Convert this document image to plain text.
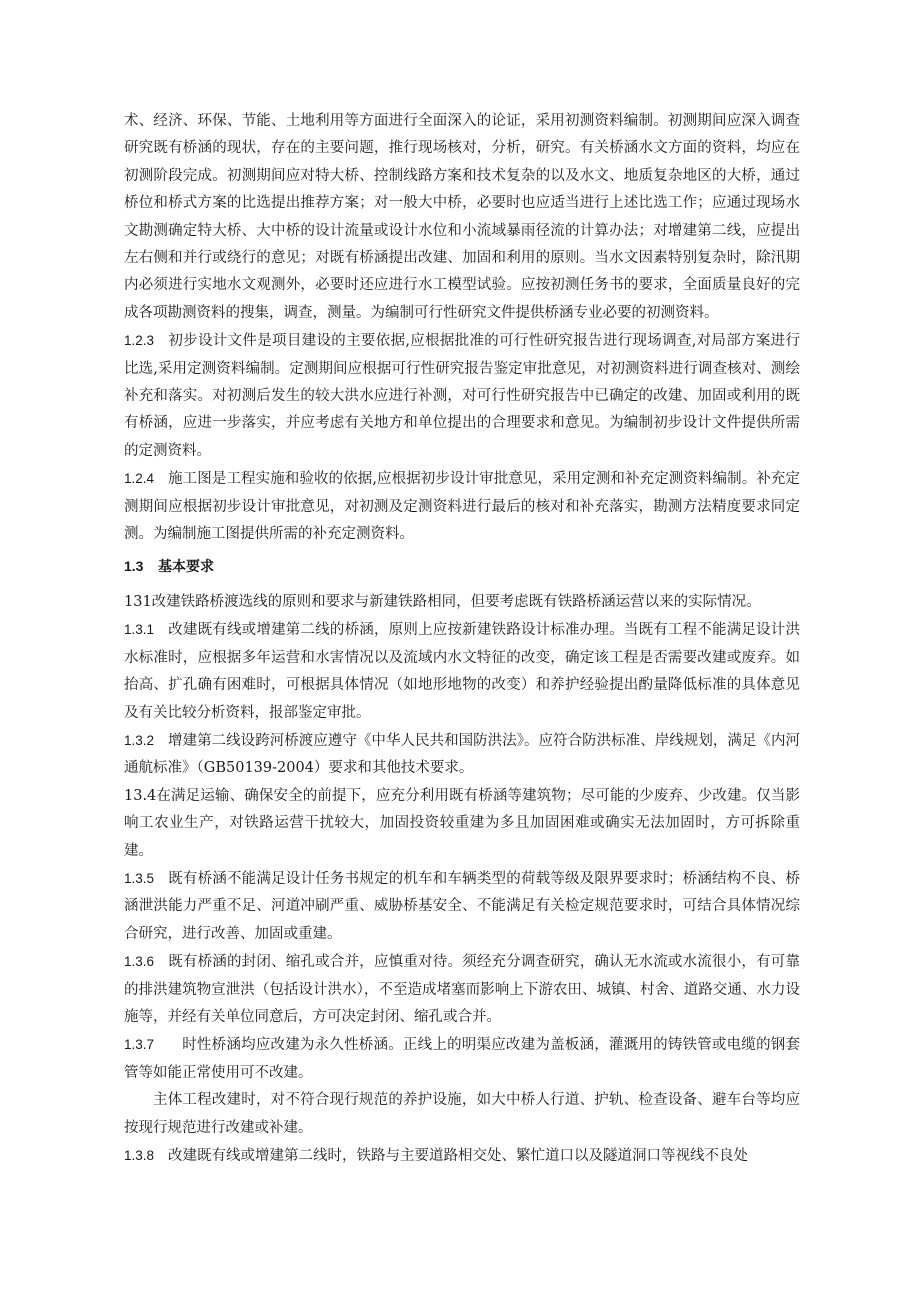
术、经济、环保、节能、土地利用等方面进行全面深入的论证，采用初测资料编制。初测期间应深入调查研究既有桥涵的现状，存在的主要问题，推行现场核对，分析，研究。有关桥涵水文方面的资料，均应在初测阶段完成。初测期间应对特大桥、控制线路方案和技术复杂的以及水文、地质复杂地区的大桥，通过桥位和桥式方案的比选提出推荐方案；对一般大中桥，必要时也应适当进行上述比选工作；应通过现场水文勘测确定特大桥、大中桥的设计流量或设计水位和小流域暴雨径流的计算办法；对增建第二线，应提出左右侧和并行或绕行的意见；对既有桥涵提出改建、加固和利用的原则。当水文因素特别复杂时，除汛期内必须进行实地水文观测外，必要时还应进行水工模型试验。应按初测任务书的要求，全面质量良好的完成各项勘测资料的搜集，调查，测量。为编制可行性研究文件提供桥涵专业必要的初测资料。

1.2.3 初步设计文件是项目建设的主要依据,应根据批准的可行性研究报告进行现场调查,对局部方案进行比选,采用定测资料编制。定测期间应根据可行性研究报告鉴定审批意见，对初测资料进行调查核对、测绘补充和落实。对初测后发生的较大洪水应进行补测，对可行性研究报告中已确定的改建、加固或利用的既有桥涵，应进一步落实，并应考虑有关地方和单位提出的合理要求和意见。为编制初步设计文件提供所需的定测资料。

1.2.4 施工图是工程实施和验收的依据,应根据初步设计审批意见，采用定测和补充定测资料编制。补充定测期间应根据初步设计审批意见，对初测及定测资料进行最后的核对和补充落实，勘测方法精度要求同定测。为编制施工图提供所需的补充定测资料。

1.3 基本要求

131改建铁路桥渡选线的原则和要求与新建铁路相同，但要考虑既有铁路桥涵运营以来的实际情况。

1.3.1 改建既有线或增建第二线的桥涵，原则上应按新建铁路设计标准办理。当既有工程不能满足设计洪水标准时，应根据多年运营和水害情况以及流域内水文特征的改变，确定该工程是否需要改建或废弃。如抬高、扩孔确有困难时，可根据具体情况（如地形地物的改变）和养护经验提出酌量降低标准的具体意见及有关比较分析资料，报部鉴定审批。

1.3.2 增建第二线设跨河桥渡应遵守《中华人民共和国防洪法》。应符合防洪标准、岸线规划，满足《内河通航标准》（GB50139-2004）要求和其他技术要求。

13.4在满足运输、确保安全的前提下，应充分利用既有桥涵等建筑物；尽可能的少废弃、少改建。仅当影响工农业生产，对铁路运营干扰较大，加固投资较重建为多且加固困难或确实无法加固时，方可拆除重建。

1.3.5 既有桥涵不能满足设计任务书规定的机车和车辆类型的荷载等级及限界要求时；桥涵结构不良、桥涵泄洪能力严重不足、河道冲刷严重、威胁桥基安全、不能满足有关检定规范要求时，可结合具体情况综合研究，进行改善、加固或重建。

1.3.6 既有桥涵的封闭、缩孔或合并，应慎重对待。须经充分调查研究，确认无水流或水流很小，有可靠的排洪建筑物宣泄洪（包括设计洪水），不至造成堵塞而影响上下游农田、城镇、村舍、道路交通、水力设施等，并经有关单位同意后，方可决定封闭、缩孔或合并。

1.3.7 时性桥涵均应改建为永久性桥涵。正线上的明渠应改建为盖板涵，灌溉用的铸铁管或电缆的钢套管等如能正常使用可不改建。

主体工程改建时，对不符合现行规范的养护设施，如大中桥人行道、护轨、检查设备、避车台等均应按现行规范进行改建或补建。

1.3.8 改建既有线或增建第二线时，铁路与主要道路相交处、繁忙道口以及隧道洞口等视线不良处
